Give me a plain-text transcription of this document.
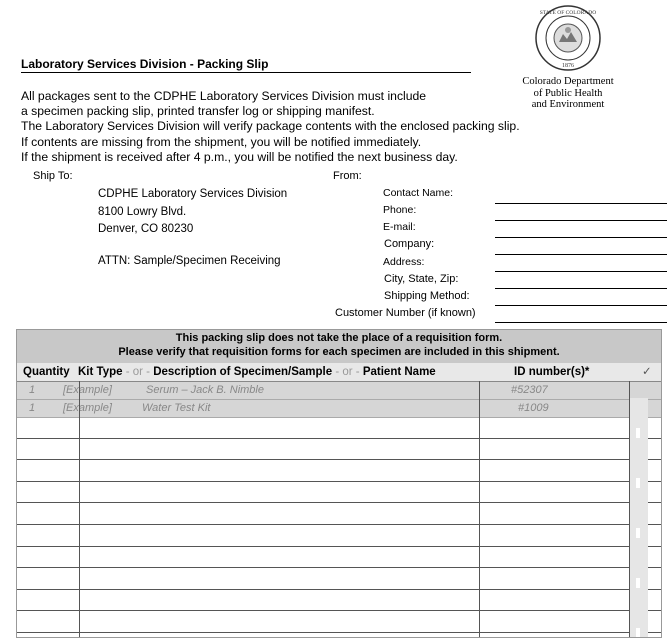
Laboratory Services Division - Packing Slip
STATE OF COLORADO
1876
Colorado Department
of Public Health
and Environment
All packages sent to the CDPHE Laboratory Services Division must include
a specimen packing slip, printed transfer log or shipping manifest.
The Laboratory Services Division will verify package contents with the enclosed packing slip.
If contents are missing from the shipment, you will be notified immediately.
If the shipment is received after 4 p.m., you will be notified the next business day.
Ship To:
CDPHE Laboratory Services Division
8100 Lowry Blvd.
Denver, CO 80230
ATTN: Sample/Specimen Receiving
From:
Contact Name:
Phone:
E-mail:
Company:
Address:
City, State, Zip:
Shipping Method:
Customer Number (if known)
This packing slip does not take the place of a requisition form.
Please verify that requisition forms for each specimen are included in this shipment.
Quantity Kit Type - or - Description of Specimen/Sample - or - Patient Name	ID number(s)*	✓
1	[Example]	Serum – Jack B. Nimble	#52307
1	[Example]	Water Test Kit	#1009
